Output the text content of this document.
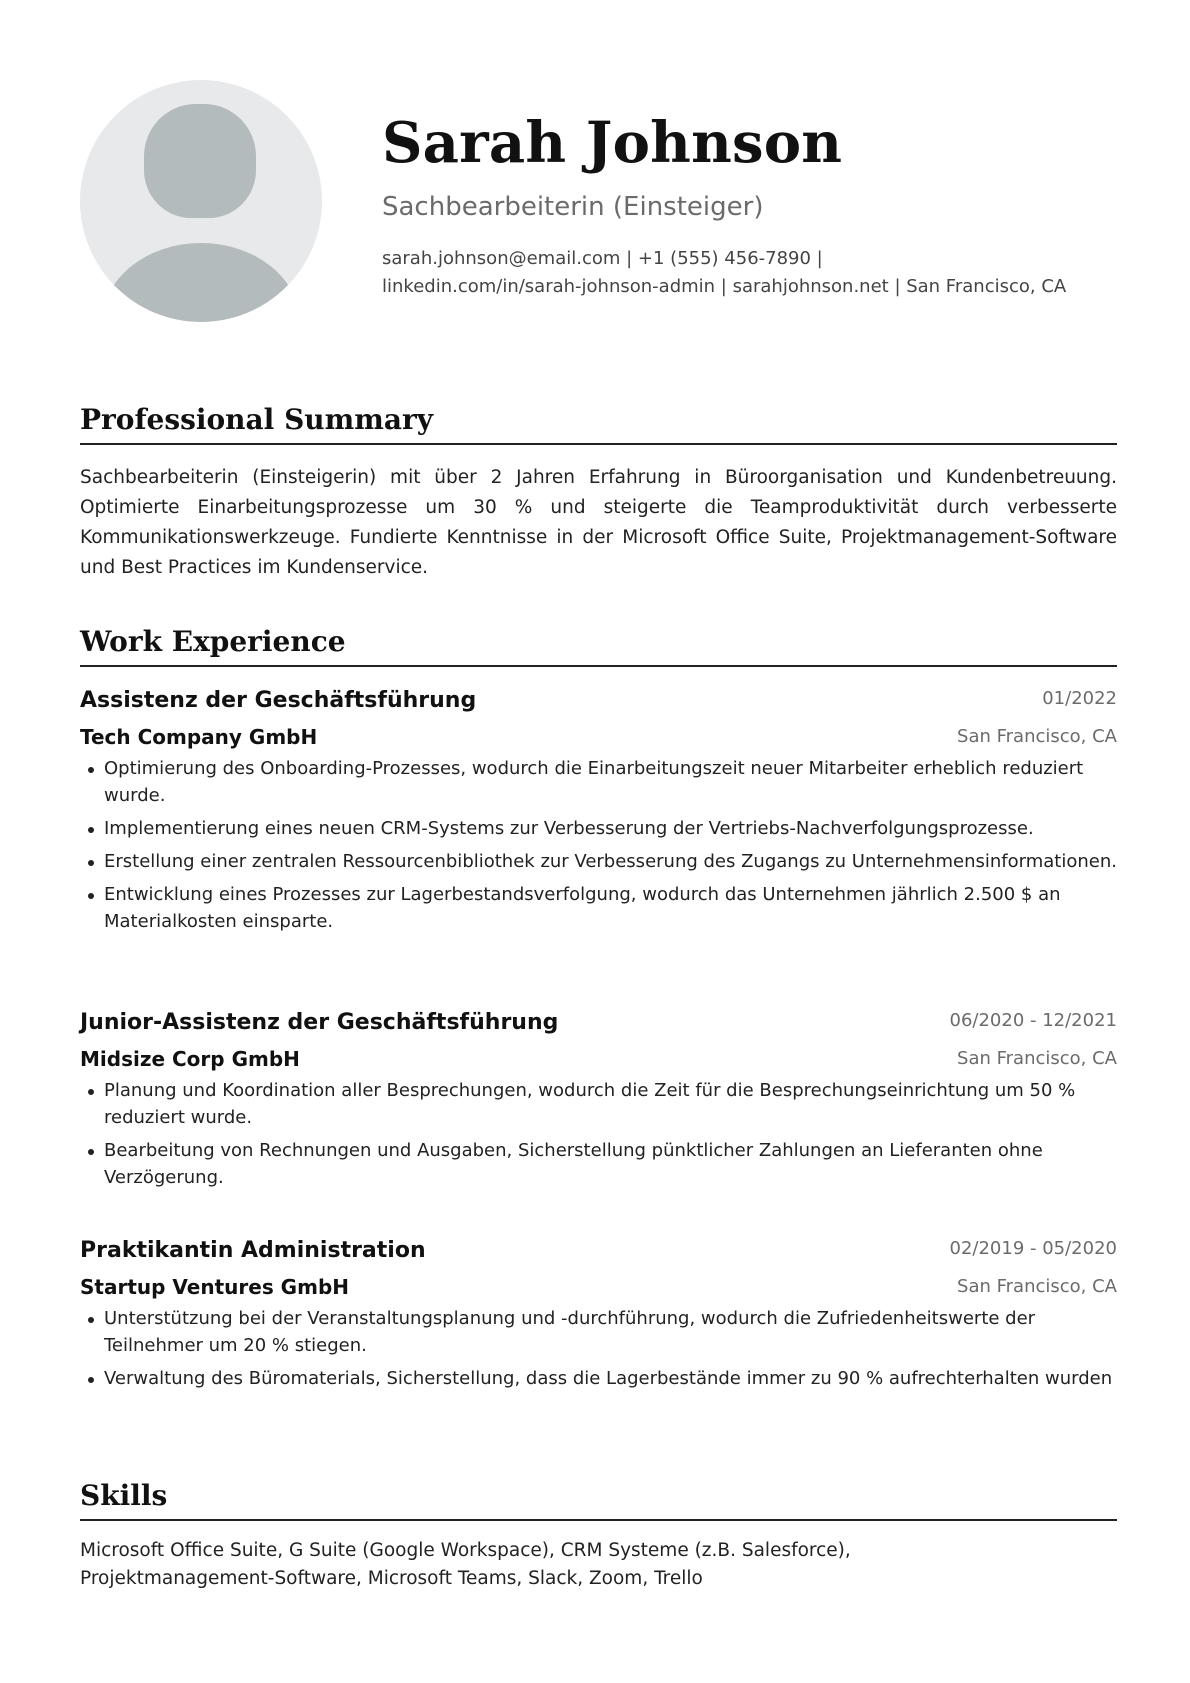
Sarah Johnson
Sachbearbeiterin (Einsteiger)
sarah.johnson@email.com | +1 (555) 456-7890 |
linkedin.com/in/sarah-johnson-admin | sarahjohnson.net | San Francisco, CA
Professional Summary
Sachbearbeiterin (Einsteigerin) mit über 2 Jahren Erfahrung in Büroorganisation und Kundenbetreuung. Optimierte Einarbeitungsprozesse um 30 % und steigerte die Teamproduktivität durch verbesserte Kommunikationswerkzeuge. Fundierte Kenntnisse in der Microsoft Office Suite, Projektmanagement-Software und Best Practices im Kundenservice.
Work Experience
Assistenz der Geschäftsführung	01/2022
Tech Company GmbH	San Francisco, CA
Optimierung des Onboarding-Prozesses, wodurch die Einarbeitungszeit neuer Mitarbeiter erheblich reduziert wurde.
Implementierung eines neuen CRM-Systems zur Verbesserung der Vertriebs-Nachverfolgungsprozesse.
Erstellung einer zentralen Ressourcenbibliothek zur Verbesserung des Zugangs zu Unternehmensinformationen.
Entwicklung eines Prozesses zur Lagerbestandsverfolgung, wodurch das Unternehmen jährlich 2.500 $ an Materialkosten einsparte.
Junior-Assistenz der Geschäftsführung	06/2020 - 12/2021
Midsize Corp GmbH	San Francisco, CA
Planung und Koordination aller Besprechungen, wodurch die Zeit für die Besprechungseinrichtung um 50 % reduziert wurde.
Bearbeitung von Rechnungen und Ausgaben, Sicherstellung pünktlicher Zahlungen an Lieferanten ohne Verzögerung.
Praktikantin Administration	02/2019 - 05/2020
Startup Ventures GmbH	San Francisco, CA
Unterstützung bei der Veranstaltungsplanung und -durchführung, wodurch die Zufriedenheitswerte der Teilnehmer um 20 % stiegen.
Verwaltung des Büromaterials, Sicherstellung, dass die Lagerbestände immer zu 90 % aufrechterhalten wurden
Skills
Microsoft Office Suite, G Suite (Google Workspace), CRM Systeme (z.B. Salesforce),
Projektmanagement-Software, Microsoft Teams, Slack, Zoom, Trello
